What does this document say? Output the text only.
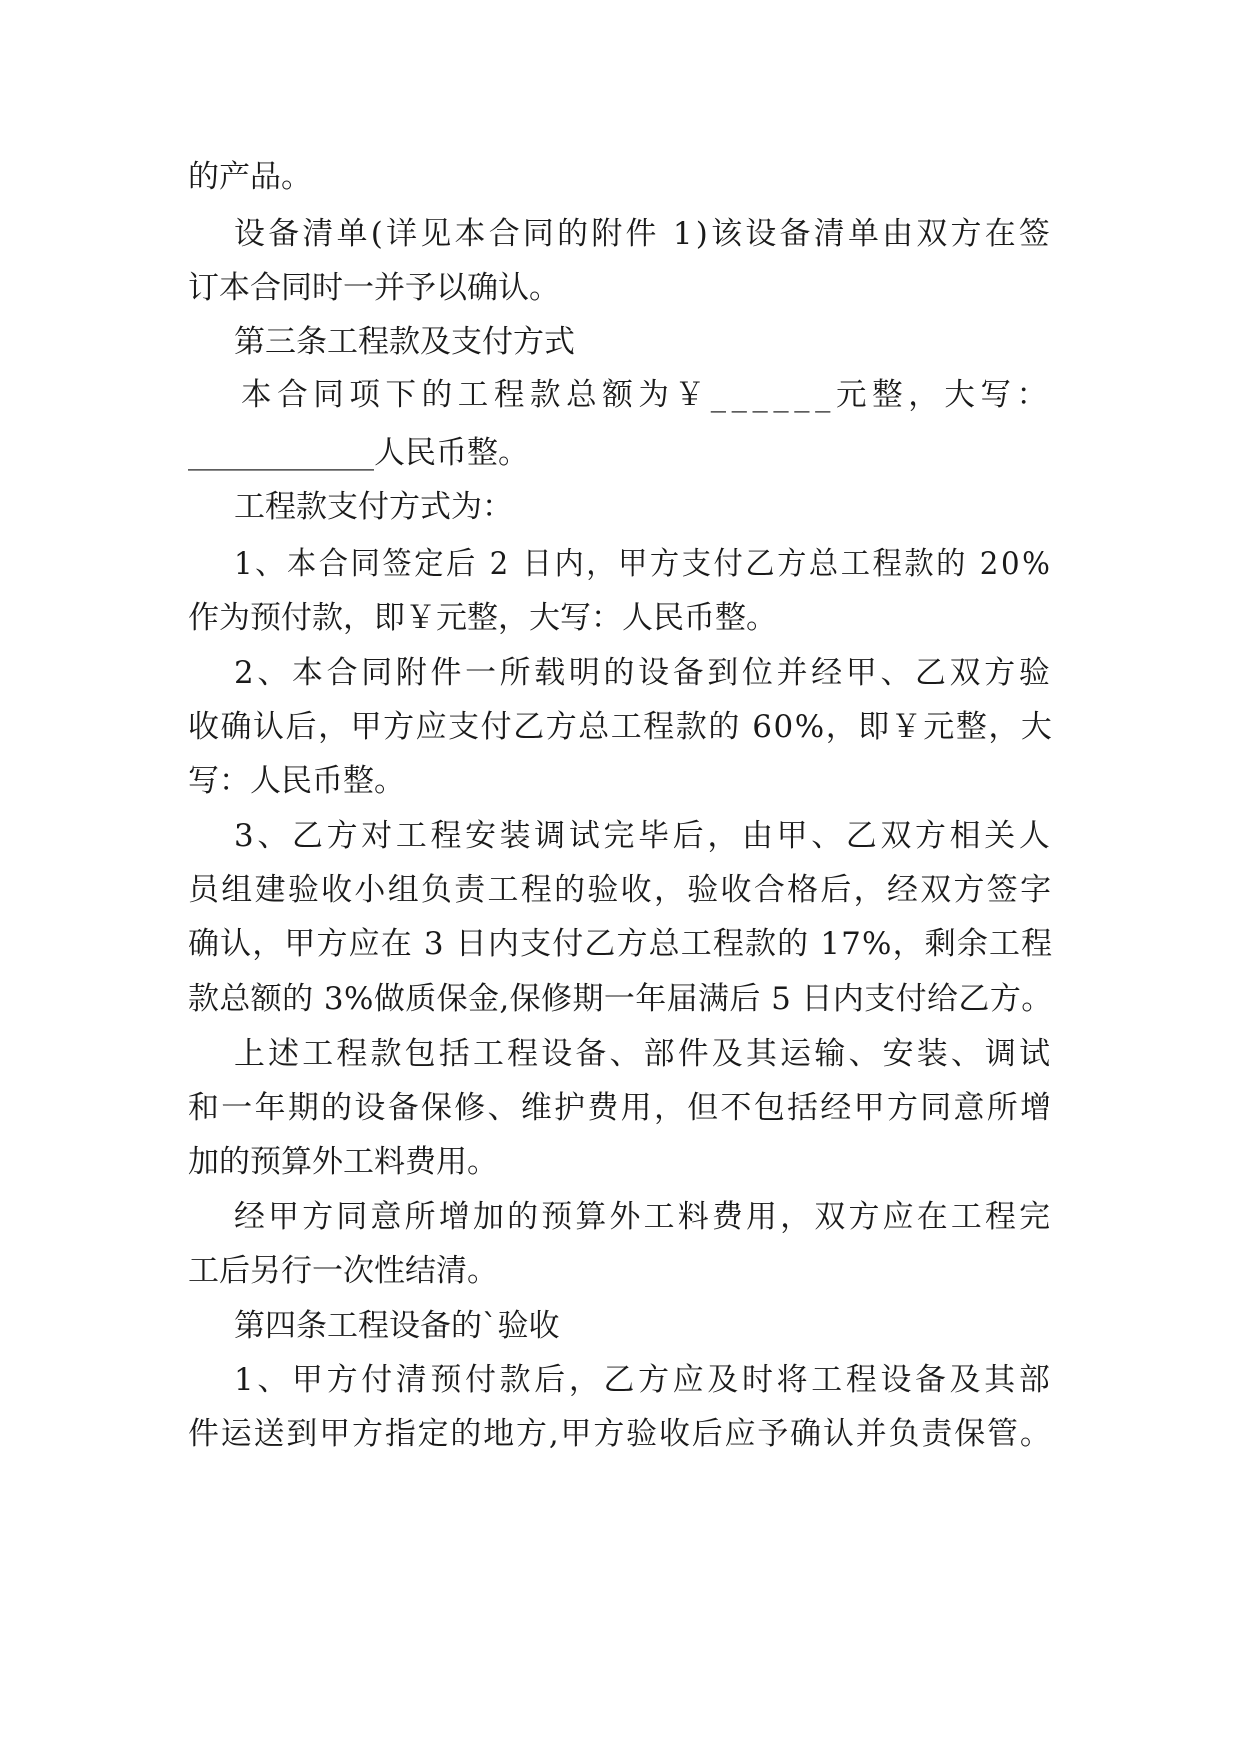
的产品。
设备清单(详见本合同的附件 1)该设备清单由双方在签
订本合同时一并予以确认。
第三条工程款及支付方式
本合同项下的工程款总额为￥______元整，大写：
____________人民币整。
工程款支付方式为：
1、本合同签定后 2 日内，甲方支付乙方总工程款的 20%
作为预付款，即￥元整，大写：人民币整。
2、本合同附件一所载明的设备到位并经甲、乙双方验
收确认后，甲方应支付乙方总工程款的 60%，即￥元整，大
写：人民币整。
3、乙方对工程安装调试完毕后，由甲、乙双方相关人
员组建验收小组负责工程的验收，验收合格后，经双方签字
确认，甲方应在 3 日内支付乙方总工程款的 17%，剩余工程
款总额的 3%做质保金,保修期一年届满后 5 日内支付给乙方。
上述工程款包括工程设备、部件及其运输、安装、调试
和一年期的设备保修、维护费用，但不包括经甲方同意所增
加的预算外工料费用。
经甲方同意所增加的预算外工料费用，双方应在工程完
工后另行一次性结清。
第四条工程设备的`验收
1、甲方付清预付款后，乙方应及时将工程设备及其部
件运送到甲方指定的地方,甲方验收后应予确认并负责保管。
